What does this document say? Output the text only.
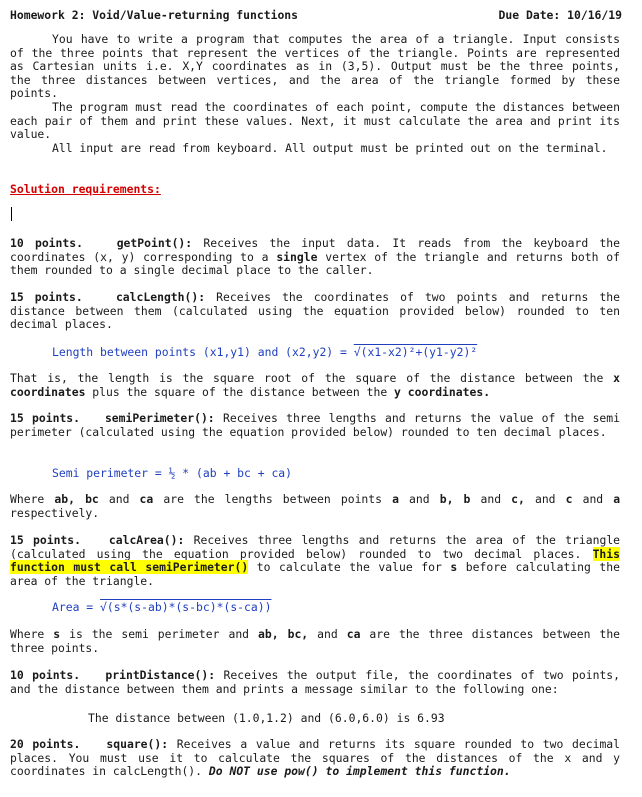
Homework 2: Void/Value-returning functions	Due Date: 10/16/19
You have to write a program that computes the area of a triangle. Input consists of the three points that represent the vertices of the triangle. Points are represented as Cartesian units i.e. X,Y coordinates as in (3,5). Output must be the three points, the three distances between vertices, and the area of the triangle formed by these points.
The program must read the coordinates of each point, compute the distances between each pair of them and print these values. Next, it must calculate the area and print its value.
All input are read from keyboard. All output must be printed out on the terminal.
Solution requirements:
10 points.	getPoint(): Receives the input data. It reads from the keyboard the coordinates (x, y) corresponding to a single vertex of the triangle and returns both of them rounded to a single decimal place to the caller.
15 points.	calcLength(): Receives the coordinates of two points and returns the distance between them (calculated using the equation provided below) rounded to ten decimal places.
Length between points (x1,y1) and (x2,y2) = √(x1-x2)²+(y1-y2)²
That is, the length is the square root of the square of the distance between the x coordinates plus the square of the distance between the y coordinates.
15 points. semiPerimeter(): Receives three lengths and returns the value of the semi perimeter (calculated using the equation provided below) rounded to ten decimal places.
Semi perimeter = ½ * (ab + bc + ca)
Where ab, bc and ca are the lengths between points a and b, b and c, and c and a respectively.
15 points. calcArea(): Receives three lengths and returns the area of the triangle (calculated using the equation provided below) rounded to two decimal places. This function must call semiPerimeter() to calculate the value for s before calculating the area of the triangle.
Area = √(s*(s-ab)*(s-bc)*(s-ca))
Where s is the semi perimeter and ab, bc, and ca are the three distances between the three points.
10 points. printDistance(): Receives the output file, the coordinates of two points, and the distance between them and prints a message similar to the following one:
The distance between (1.0,1.2) and (6.0,6.0) is 6.93
20 points. square(): Receives a value and returns its square rounded to two decimal places. You must use it to calculate the squares of the distances of the x and y coordinates in calcLength(). Do NOT use pow() to implement this function.
